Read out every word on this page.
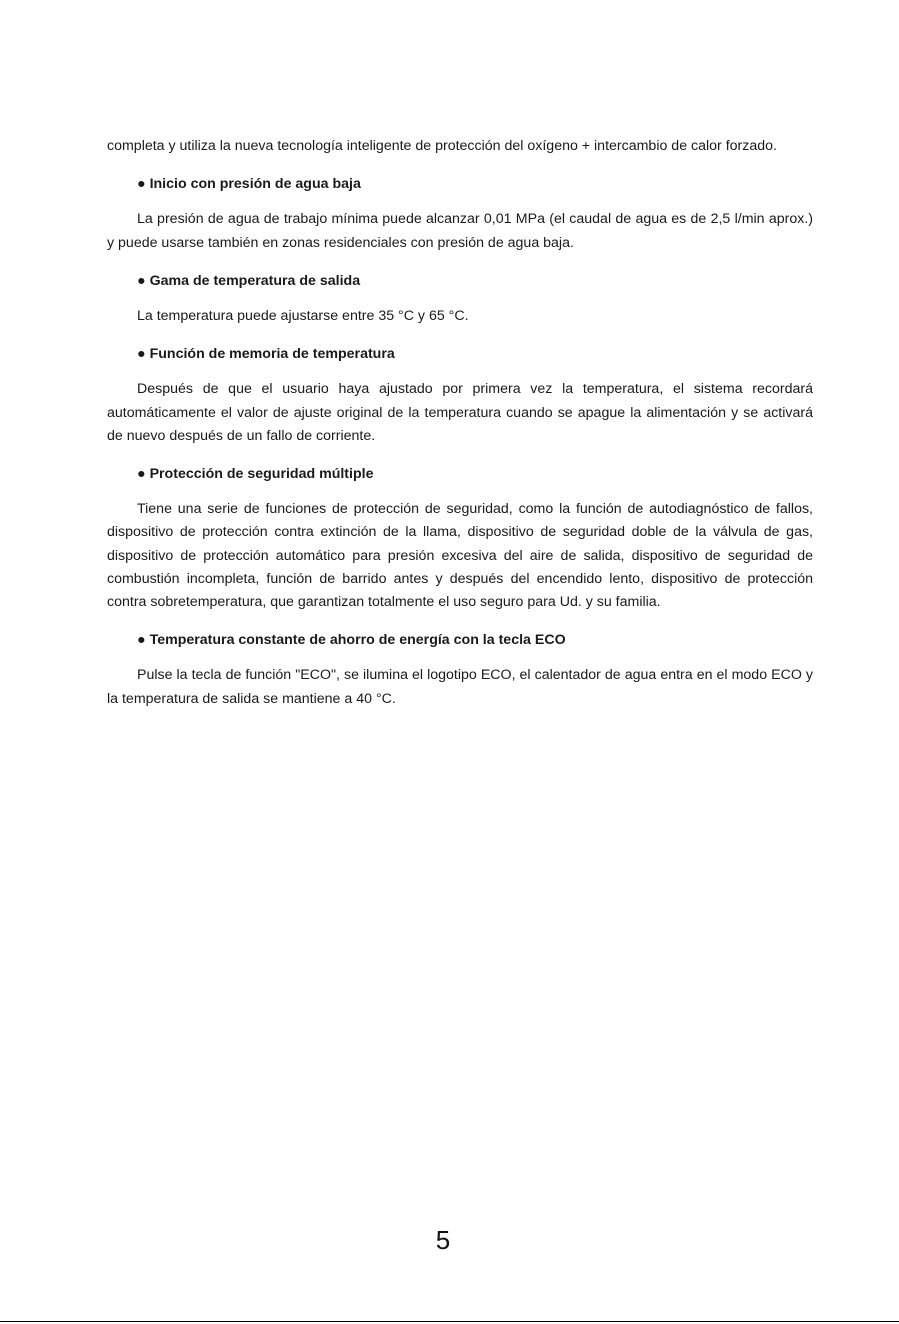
completa y utiliza la nueva tecnología inteligente de protección del oxígeno + intercambio de calor forzado.

● Inicio con presión de agua baja

La presión de agua de trabajo mínima puede alcanzar 0,01 MPa (el caudal de agua es de 2,5 l/min aprox.) y puede usarse también en zonas residenciales con presión de agua baja.

● Gama de temperatura de salida

La temperatura puede ajustarse entre 35 °C y 65 °C.

● Función de memoria de temperatura

Después de que el usuario haya ajustado por primera vez la temperatura, el sistema recordará automáticamente el valor de ajuste original de la temperatura cuando se apague la alimentación y se activará de nuevo después de un fallo de corriente.

● Protección de seguridad múltiple

Tiene una serie de funciones de protección de seguridad, como la función de autodiagnóstico de fallos, dispositivo de protección contra extinción de la llama, dispositivo de seguridad doble de la válvula de gas, dispositivo de protección automático para presión excesiva del aire de salida, dispositivo de seguridad de combustión incompleta, función de barrido antes y después del encendido lento, dispositivo de protección contra sobretemperatura, que garantizan totalmente el uso seguro para Ud. y su familia.

● Temperatura constante de ahorro de energía con la tecla ECO

Pulse la tecla de función "ECO", se ilumina el logotipo ECO, el calentador de agua entra en el modo ECO y la temperatura de salida se mantiene a 40 °C.

5
